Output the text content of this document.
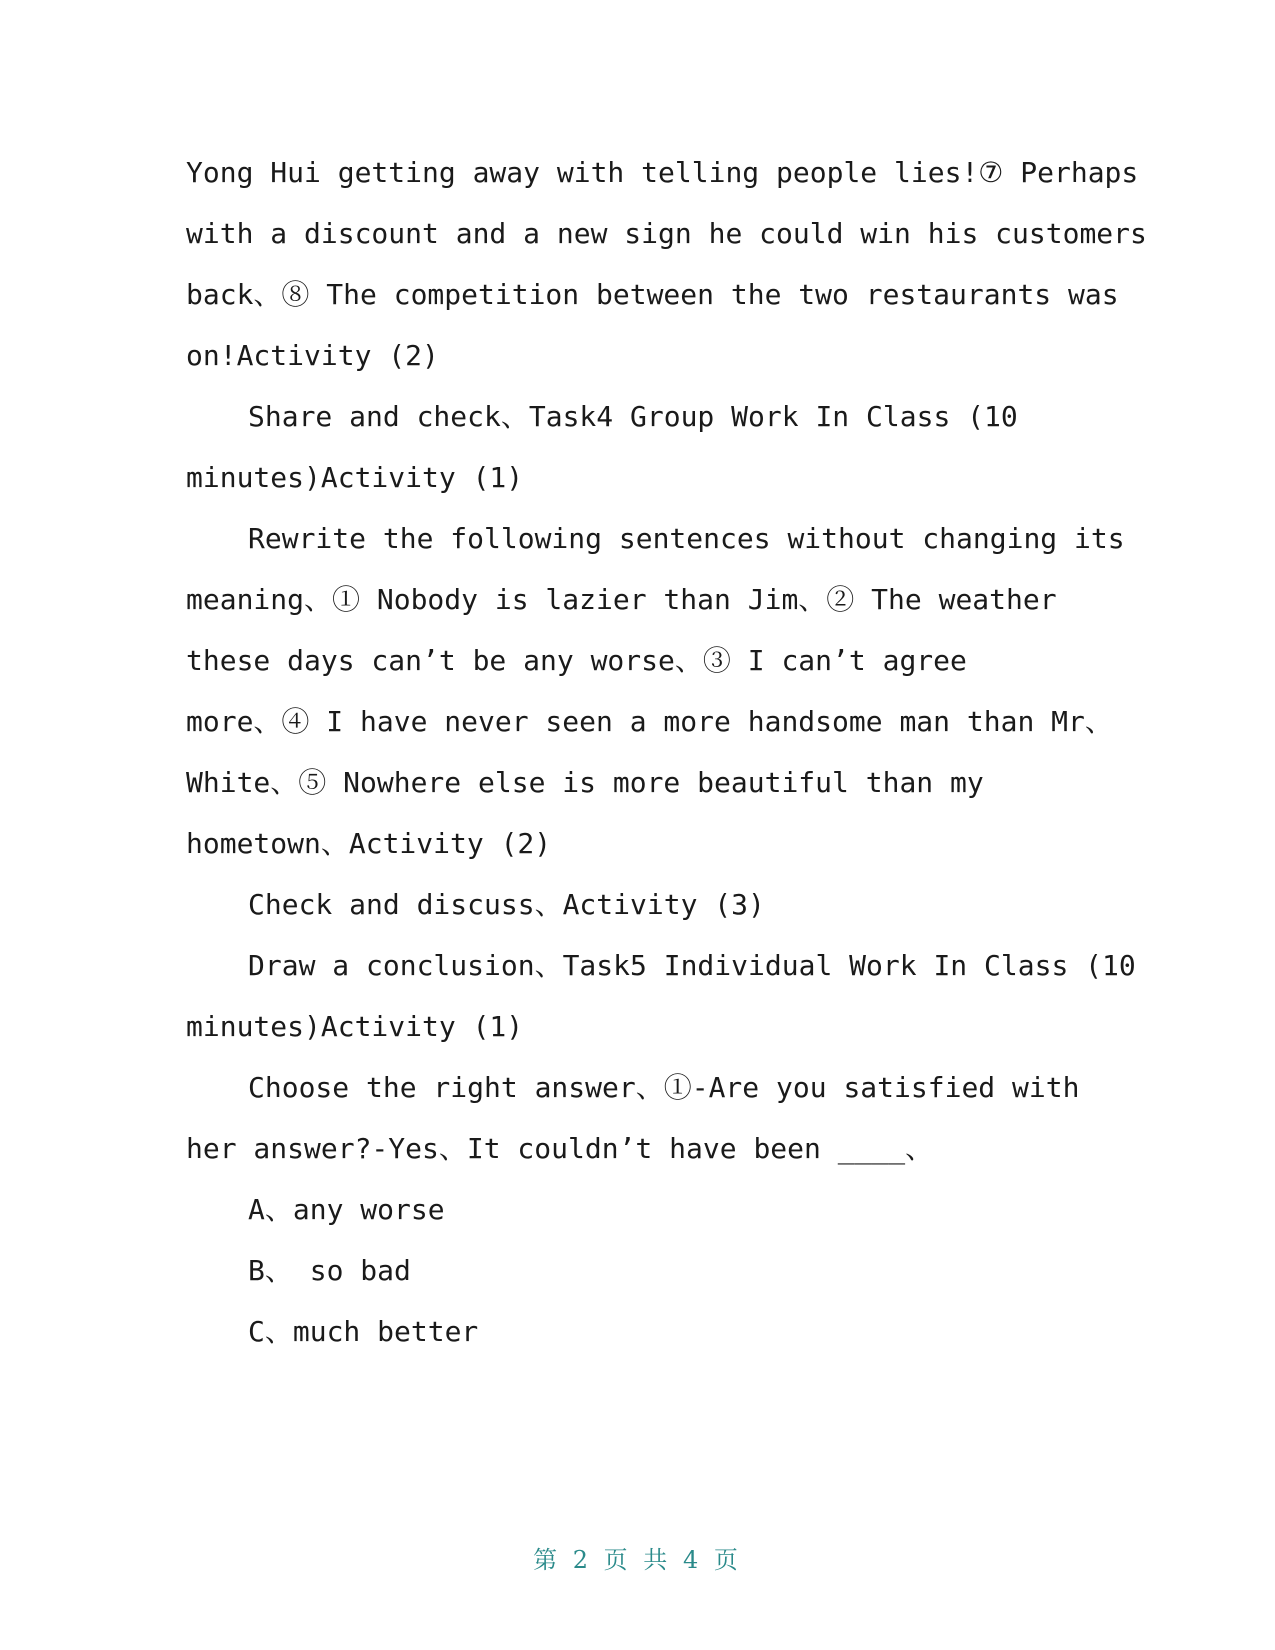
Yong Hui getting away with telling people lies!⑦ Perhaps
with a discount and a new sign he could win his customers
back、⑧ The competition between the two restaurants was
on!Activity (2)
Share and check、Task4 Group Work In Class (10
minutes)Activity (1)
Rewrite the following sentences without changing its
meaning、① Nobody is lazier than Jim、② The weather
these days can’t be any worse、③ I can’t agree
more、④ I have never seen a more handsome man than Mr、
White、⑤ Nowhere else is more beautiful than my
hometown、Activity (2)
Check and discuss、Activity (3)
Draw a conclusion、Task5 Individual Work In Class (10
minutes)Activity (1)
Choose the right answer、①-Are you satisfied with
her answer?-Yes、It couldn’t have been ____、
A、any worse
B、 so bad
C、much better
第 2 页 共 4 页
